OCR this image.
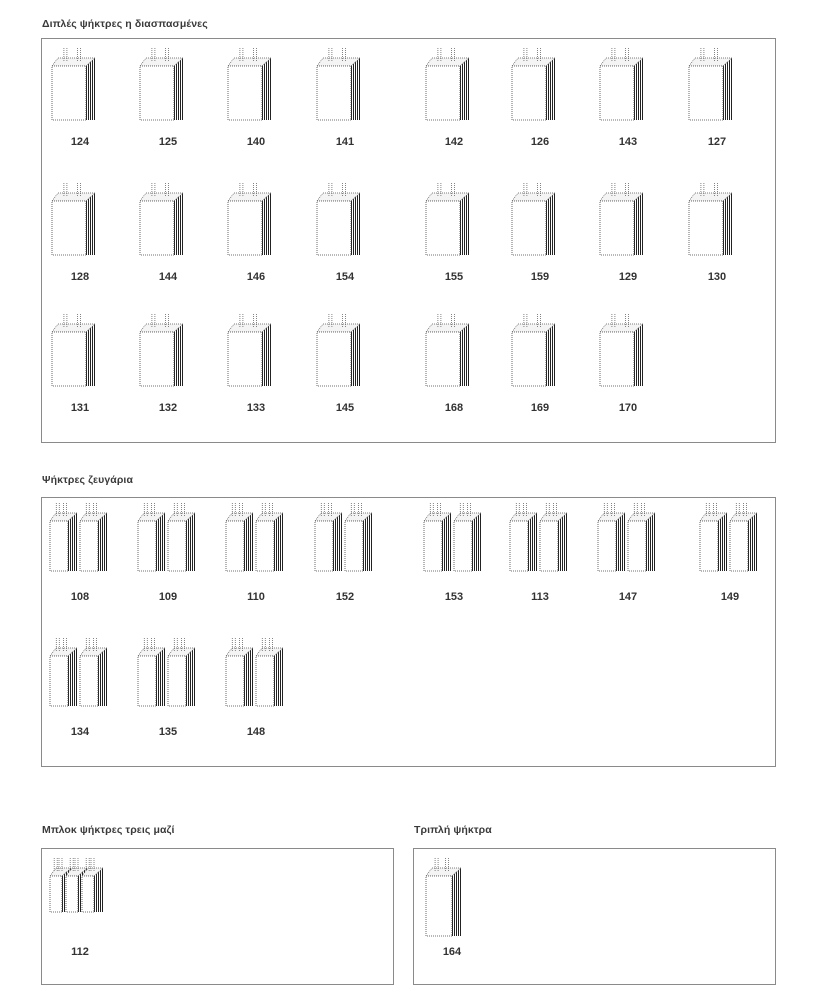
Διπλές ψήκτρες η διασπασμένες
Ψήκτρες ζευγάρια
Μπλοκ ψήκτρες τρεις μαζί	Τριπλή ψήκτρα
124	125	140	141	142	126	143	127
128	144	146	154	155	159	129	130
131	132	133	145	168	169	170
108	109	110	152	153	113	147	149
134	135	148
112	164
